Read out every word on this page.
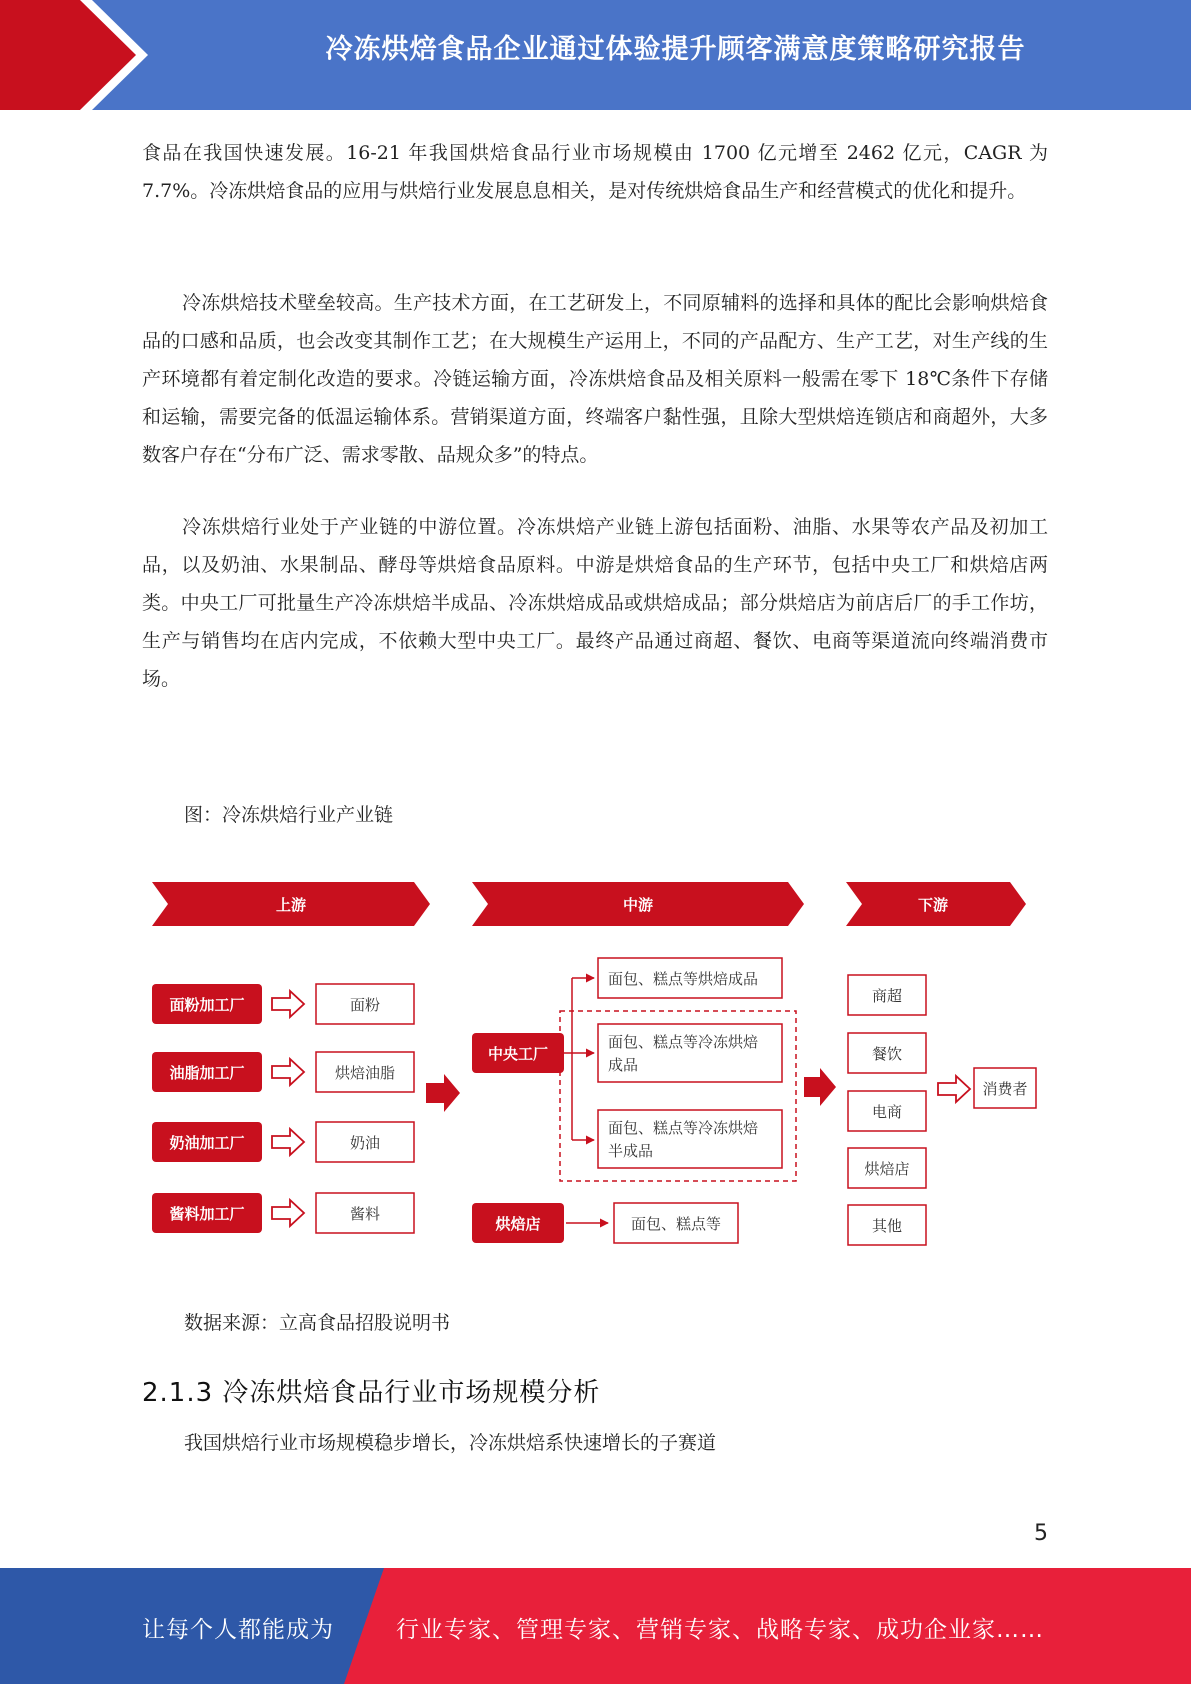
冷冻烘焙食品企业通过体验提升顾客满意度策略研究报告

食品在我国快速发展。16-21 年我国烘焙食品行业市场规模由 1700 亿元增至 2462 亿元，CAGR 为 7.7%。冷冻烘焙食品的应用与烘焙行业发展息息相关，是对传统烘焙食品生产和经营模式的优化和提升。

冷冻烘焙技术壁垒较高。生产技术方面，在工艺研发上，不同原辅料的选择和具体的配比会影响烘焙食品的口感和品质，也会改变其制作工艺；在大规模生产运用上，不同的产品配方、生产工艺，对生产线的生产环境都有着定制化改造的要求。冷链运输方面，冷冻烘焙食品及相关原料一般需在零下 18℃条件下存储和运输，需要完备的低温运输体系。营销渠道方面，终端客户黏性强，且除大型烘焙连锁店和商超外，大多数客户存在“分布广泛、需求零散、品规众多”的特点。

冷冻烘焙行业处于产业链的中游位置。冷冻烘焙产业链上游包括面粉、油脂、水果等农产品及初加工品，以及奶油、水果制品、酵母等烘焙食品原料。中游是烘焙食品的生产环节，包括中央工厂和烘焙店两类。中央工厂可批量生产冷冻烘焙半成品、冷冻烘焙成品或烘焙成品；部分烘焙店为前店后厂的手工作坊，生产与销售均在店内完成，不依赖大型中央工厂。最终产品通过商超、餐饮、电商等渠道流向终端消费市场。

图：冷冻烘焙行业产业链

上游	中游	下游
面粉加工厂	面粉
油脂加工厂	烘焙油脂
奶油加工厂	奶油
酱料加工厂	酱料
中央工厂
面包、糕点等烘焙成品
面包、糕点等冷冻烘焙
成品
面包、糕点等冷冻烘焙
半成品
烘焙店	面包、糕点等
商超
餐饮
电商
烘焙店
其他
消费者

数据来源：立高食品招股说明书

2.1.3 冷冻烘焙食品行业市场规模分析

我国烘焙行业市场规模稳步增长，冷冻烘焙系快速增长的子赛道

5
让每个人都能成为	行业专家、管理专家、营销专家、战略专家、成功企业家……
